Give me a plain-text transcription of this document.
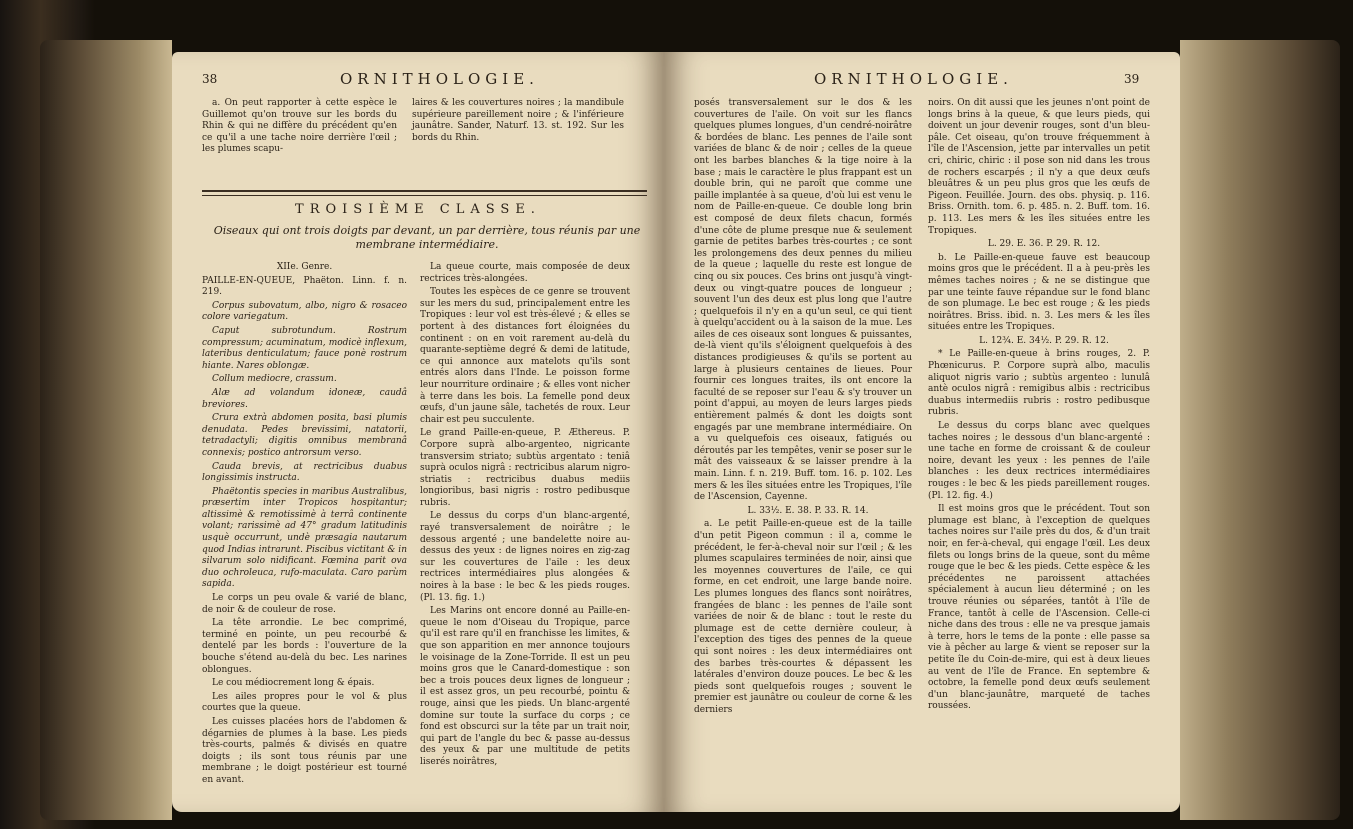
38	ORNITHOLOGIE.

a. On peut rapporter à cette espèce le Guillemot qu'on trouve sur les bords du Rhin & qui ne diffère du précédent qu'en ce qu'il a une tache noire derrière l'œil ; les plumes scapu-

laires & les couvertures noires ; la mandibule supérieure pareillement noire ; & l'inférieure jaunâtre. Sander, Naturf. 13. st. 192. Sur les bords du Rhin.

TROISIÈME CLASSE.
Oiseaux qui ont trois doigts par devant, un par derrière, tous réunis par une membrane intermédiaire.

XIIe. Genre.

PAILLE-EN-QUEUE, Phaëton. Linn. f. n. 219.

Corpus subovatum, albo, nigro & rosaceo colore variegatum.

Caput subrotundum. Rostrum compressum; acuminatum, modicè inflexum, lateribus denticulatum; fauce ponè rostrum hiante. Nares oblongæ.

Collum mediocre, crassum.

Alæ ad volandum idoneæ, caudâ breviores.

Crura extrà abdomen posita, basi plumis denudata. Pedes brevissimi, natatorii, tetradactyli; digitis omnibus membranâ connexis; postico antrorsum verso.

Cauda brevis, at rectricibus duabus longissimis instructa.

Phaëtontis species in maribus Australibus, præsertim inter Tropicos hospitantur; altissimè & remotissimè à terrâ continente volant; rarissimè ad 47° gradum latitudinis usquè occurrunt, undè præsagia nautarum quod Indias intrarunt. Piscibus victitant & in silvarum solo nidificant. Fœmina parit ova duo ochroleuca, rufo-maculata. Caro parùm sapida.

Le corps un peu ovale & varié de blanc, de noir & de couleur de rose.

La tête arrondie. Le bec comprimé, terminé en pointe, un peu recourbé & dentelé par les bords : l'ouverture de la bouche s'étend au-delà du bec. Les narines oblongues.

Le cou médiocrement long & épais.

Les ailes propres pour le vol & plus courtes que la queue.

Les cuisses placées hors de l'abdomen & dégarnies de plumes à la base. Les pieds très-courts, palmés & divisés en quatre doigts ; ils sont tous réunis par une membrane ; le doigt postérieur est tourné en avant.

La queue courte, mais composée de deux rectrices très-alongées.

Toutes les espèces de ce genre se trouvent sur les mers du sud, principalement entre les Tropiques : leur vol est très-élevé ; & elles se portent à des distances fort éloignées du continent : on en voit rarement au-delà du quarante-septième degré & demi de latitude, ce qui annonce aux matelots qu'ils sont entrés alors dans l'Inde. Le poisson forme leur nourriture ordinaire ; & elles vont nicher à terre dans les bois. La femelle pond deux œufs, d'un jaune sâle, tachetés de roux. Leur chair est peu succulente.

Le grand Paille-en-queue, P. Æthereus. P. Corpore suprà albo-argenteo, nigricante transversim striato; subtùs argentato : teniâ suprà oculos nigrâ : rectricibus alarum nigro-striatis : rectricibus duabus mediis longioribus, basi nigris : rostro pedibusque rubris.

Le dessus du corps d'un blanc-argenté, rayé transversalement de noirâtre ; le dessous argenté ; une bandelette noire au-dessus des yeux : de lignes noires en zig-zag sur les couvertures de l'aile : les deux rectrices intermédiaires plus alongées & noires à la base : le bec & les pieds rouges. (Pl. 13. fig. 1.)

Les Marins ont encore donné au Paille-en-queue le nom d'Oiseau du Tropique, parce qu'il est rare qu'il en franchisse les limites, & que son apparition en mer annonce toujours le voisinage de la Zone-Torride. Il est un peu moins gros que le Canard-domestique : son bec a trois pouces deux lignes de longueur ; il est assez gros, un peu recourbé, pointu & rouge, ainsi que les pieds. Un blanc-argenté domine sur toute la surface du corps ; ce fond est obscurci sur la tête par un trait noir, qui part de l'angle du bec & passe au-dessus des yeux & par une multitude de petits liserés noirâtres,

ORNITHOLOGIE.	39

posés transversalement sur le dos & les couvertures de l'aile. On voit sur les flancs quelques plumes longues, d'un cendré-noirâtre & bordées de blanc. Les pennes de l'aile sont variées de blanc & de noir ; celles de la queue ont les barbes blanches & la tige noire à la base ; mais le caractère le plus frappant est un double brin, qui ne paroît que comme une paille implantée à sa queue, d'où lui est venu le nom de Paille-en-queue. Ce double long brin est composé de deux filets chacun, formés d'une côte de plume presque nue & seulement garnie de petites barbes très-courtes ; ce sont les prolongemens des deux pennes du milieu de la queue ; laquelle du reste est longue de cinq ou six pouces. Ces brins ont jusqu'à vingt-deux ou vingt-quatre pouces de longueur ; souvent l'un des deux est plus long que l'autre ; quelquefois il n'y en a qu'un seul, ce qui tient à quelqu'accident ou à la saison de la mue. Les ailes de ces oiseaux sont longues & puissantes, de-là vient qu'ils s'éloignent quelquefois à des distances prodigieuses & qu'ils se portent au large à plusieurs centaines de lieues. Pour fournir ces longues traites, ils ont encore la faculté de se reposer sur l'eau & s'y trouver un point d'appui, au moyen de leurs larges pieds entièrement palmés & dont les doigts sont engagés par une membrane intermédiaire. On a vu quelquefois ces oiseaux, fatigués ou déroutés par les tempêtes, venir se poser sur le mât des vaisseaux & se laisser prendre à la main. Linn. f. n. 219. Buff. tom. 16. p. 102. Les mers & les îles situées entre les Tropiques, l'île de l'Ascension, Cayenne.

L. 33½. E. 38. P. 33. R. 14.

a. Le petit Paille-en-queue est de la taille d'un petit Pigeon commun : il a, comme le précédent, le fer-à-cheval noir sur l'œil ; & les plumes scapulaires terminées de noir, ainsi que les moyennes couvertures de l'aile, ce qui forme, en cet endroit, une large bande noire. Les plumes longues des flancs sont noirâtres, frangées de blanc : les pennes de l'aile sont variées de noir & de blanc : tout le reste du plumage est de cette dernière couleur, à l'exception des tiges des pennes de la queue qui sont noires : les deux intermédiaires ont des barbes très-courtes & dépassent les latérales d'environ douze pouces. Le bec & les pieds sont quelquefois rouges ; souvent le premier est jaunâtre ou couleur de corne & les derniers

noirs. On dit aussi que les jeunes n'ont point de longs brins à la queue, & que leurs pieds, qui doivent un jour devenir rouges, sont d'un bleu-pâle. Cet oiseau, qu'on trouve fréquemment à l'île de l'Ascension, jette par intervalles un petit cri, chiric, chiric : il pose son nid dans les trous de rochers escarpés ; il n'y a que deux œufs bleuâtres & un peu plus gros que les œufs de Pigeon. Feuillée. Journ. des obs. physiq. p. 116. Briss. Ornith. tom. 6. p. 485. n. 2. Buff. tom. 16. p. 113. Les mers & les îles situées entre les Tropiques.

L. 29. E. 36. P. 29. R. 12.

b. Le Paille-en-queue fauve est beaucoup moins gros que le précédent. Il a à peu-près les mêmes taches noires ; & ne se distingue que par une teinte fauve répandue sur le fond blanc de son plumage. Le bec est rouge ; & les pieds noirâtres. Briss. ibid. n. 3. Les mers & les îles situées entre les Tropiques.

L. 12¾. E. 34½. P. 29. R. 12.

* Le Paille-en-queue à brins rouges, 2. P. Phœnicurus. P. Corpore suprà albo, maculis aliquot nigris vario ; subtùs argenteo : lunulâ antè oculos nigrâ : remigibus albis : rectricibus duabus intermediis rubris : rostro pedibusque rubris.

Le dessus du corps blanc avec quelques taches noires ; le dessous d'un blanc-argenté : une tache en forme de croissant & de couleur noire, devant les yeux : les pennes de l'aile blanches : les deux rectrices intermédiaires rouges : le bec & les pieds pareillement rouges. (Pl. 12. fig. 4.)

Il est moins gros que le précédent. Tout son plumage est blanc, à l'exception de quelques taches noires sur l'aile près du dos, & d'un trait noir, en fer-à-cheval, qui engage l'œil. Les deux filets ou longs brins de la queue, sont du même rouge que le bec & les pieds. Cette espèce & les précédentes ne paroissent attachées spécialement à aucun lieu déterminé ; on les trouve réunies ou séparées, tantôt à l'île de France, tantôt à celle de l'Ascension. Celle-ci niche dans des trous : elle ne va presque jamais à terre, hors le tems de la ponte : elle passe sa vie à pêcher au large & vient se reposer sur la petite île du Coin-de-mire, qui est à deux lieues au vent de l'île de France. En septembre & octobre, la femelle pond deux œufs seulement d'un blanc-jaunâtre, marqueté de taches roussées.
